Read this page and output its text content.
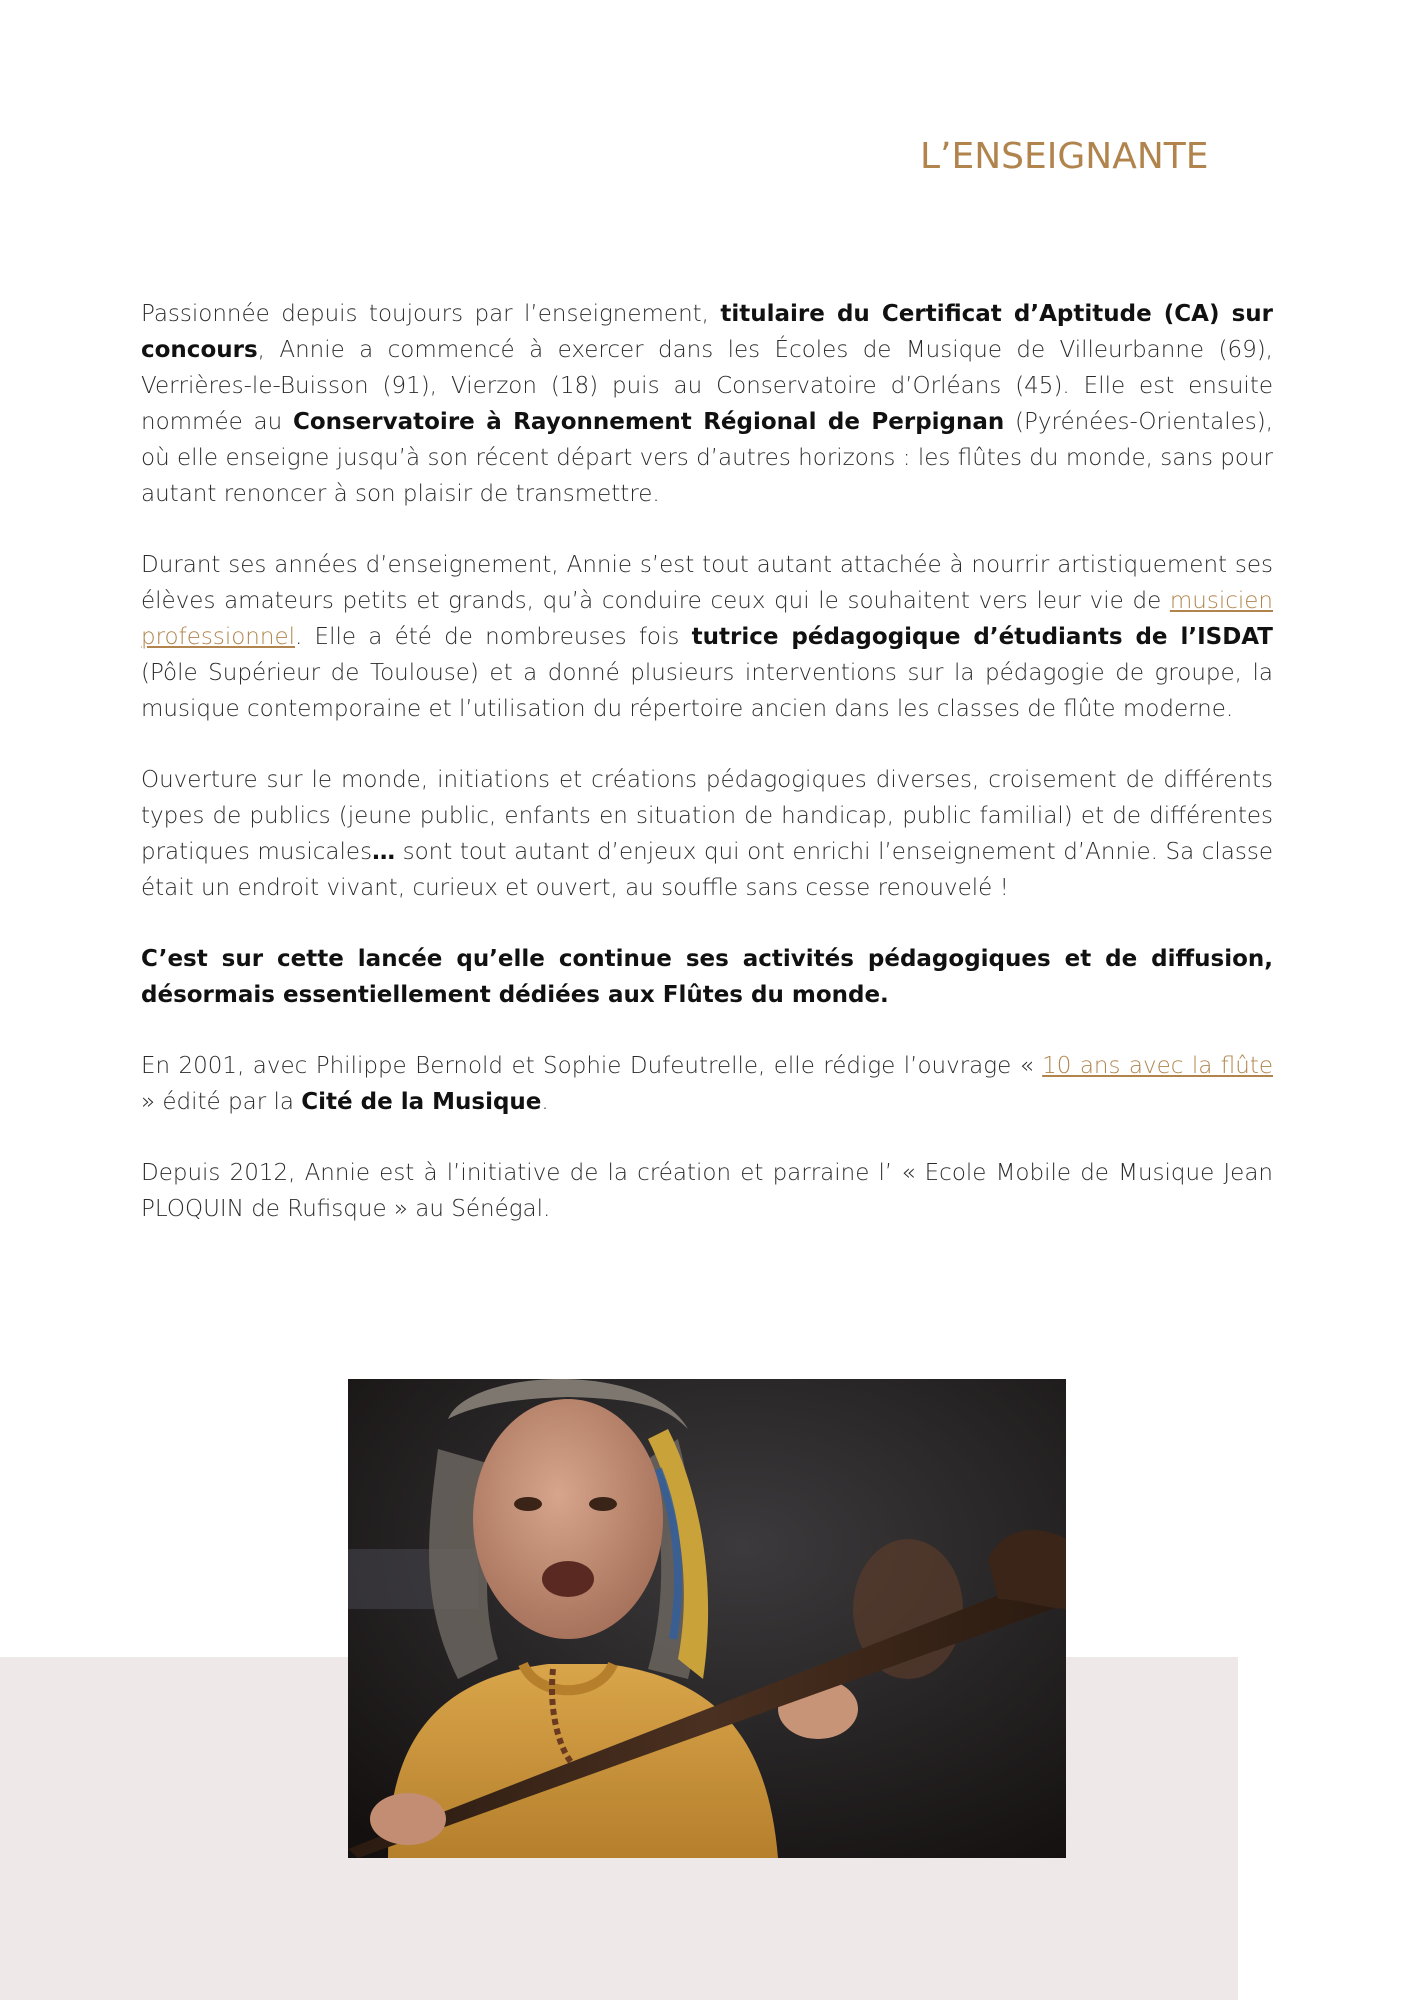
L’ENSEIGNANTE

Passionnée depuis toujours par l’enseignement, titulaire du Certificat d’Aptitude (CA) sur concours, Annie a commencé à exercer dans les Écoles de Musique de Villeurbanne (69), Verrières-le-Buisson (91), Vierzon (18) puis au Conservatoire d’Orléans (45). Elle est ensuite nommée au Conservatoire à Rayonnement Régional de Perpignan (Pyrénées-Orientales), où elle enseigne jusqu’à son récent départ vers d’autres horizons : les flûtes du monde, sans pour autant renoncer à son plaisir de transmettre.

Durant ses années d’enseignement, Annie s’est tout autant attachée à nourrir artistiquement ses élèves amateurs petits et grands, qu’à conduire ceux qui le souhaitent vers leur vie de musicien professionnel. Elle a été de nombreuses fois tutrice pédagogique d’étudiants de l’ISDAT (Pôle Supérieur de Toulouse) et a donné plusieurs interventions sur la pédagogie de groupe, la musique contemporaine et l’utilisation du répertoire ancien dans les classes de flûte moderne.

Ouverture sur le monde, initiations et créations pédagogiques diverses, croisement de différents types de publics (jeune public, enfants en situation de handicap, public familial) et de différentes pratiques musicales… sont tout autant d’enjeux qui ont enrichi l’enseignement d’Annie. Sa classe était un endroit vivant, curieux et ouvert, au souffle sans cesse renouvelé !

C’est sur cette lancée qu’elle continue ses activités pédagogiques et de diffusion, désormais essentiellement dédiées aux Flûtes du monde.

En 2001, avec Philippe Bernold et Sophie Dufeutrelle, elle rédige l’ouvrage « 10 ans avec la flûte » édité par la Cité de la Musique.

Depuis 2012, Annie est à l’initiative de la création et parraine l’ « Ecole Mobile de Musique Jean PLOQUIN de Rufisque » au Sénégal.
